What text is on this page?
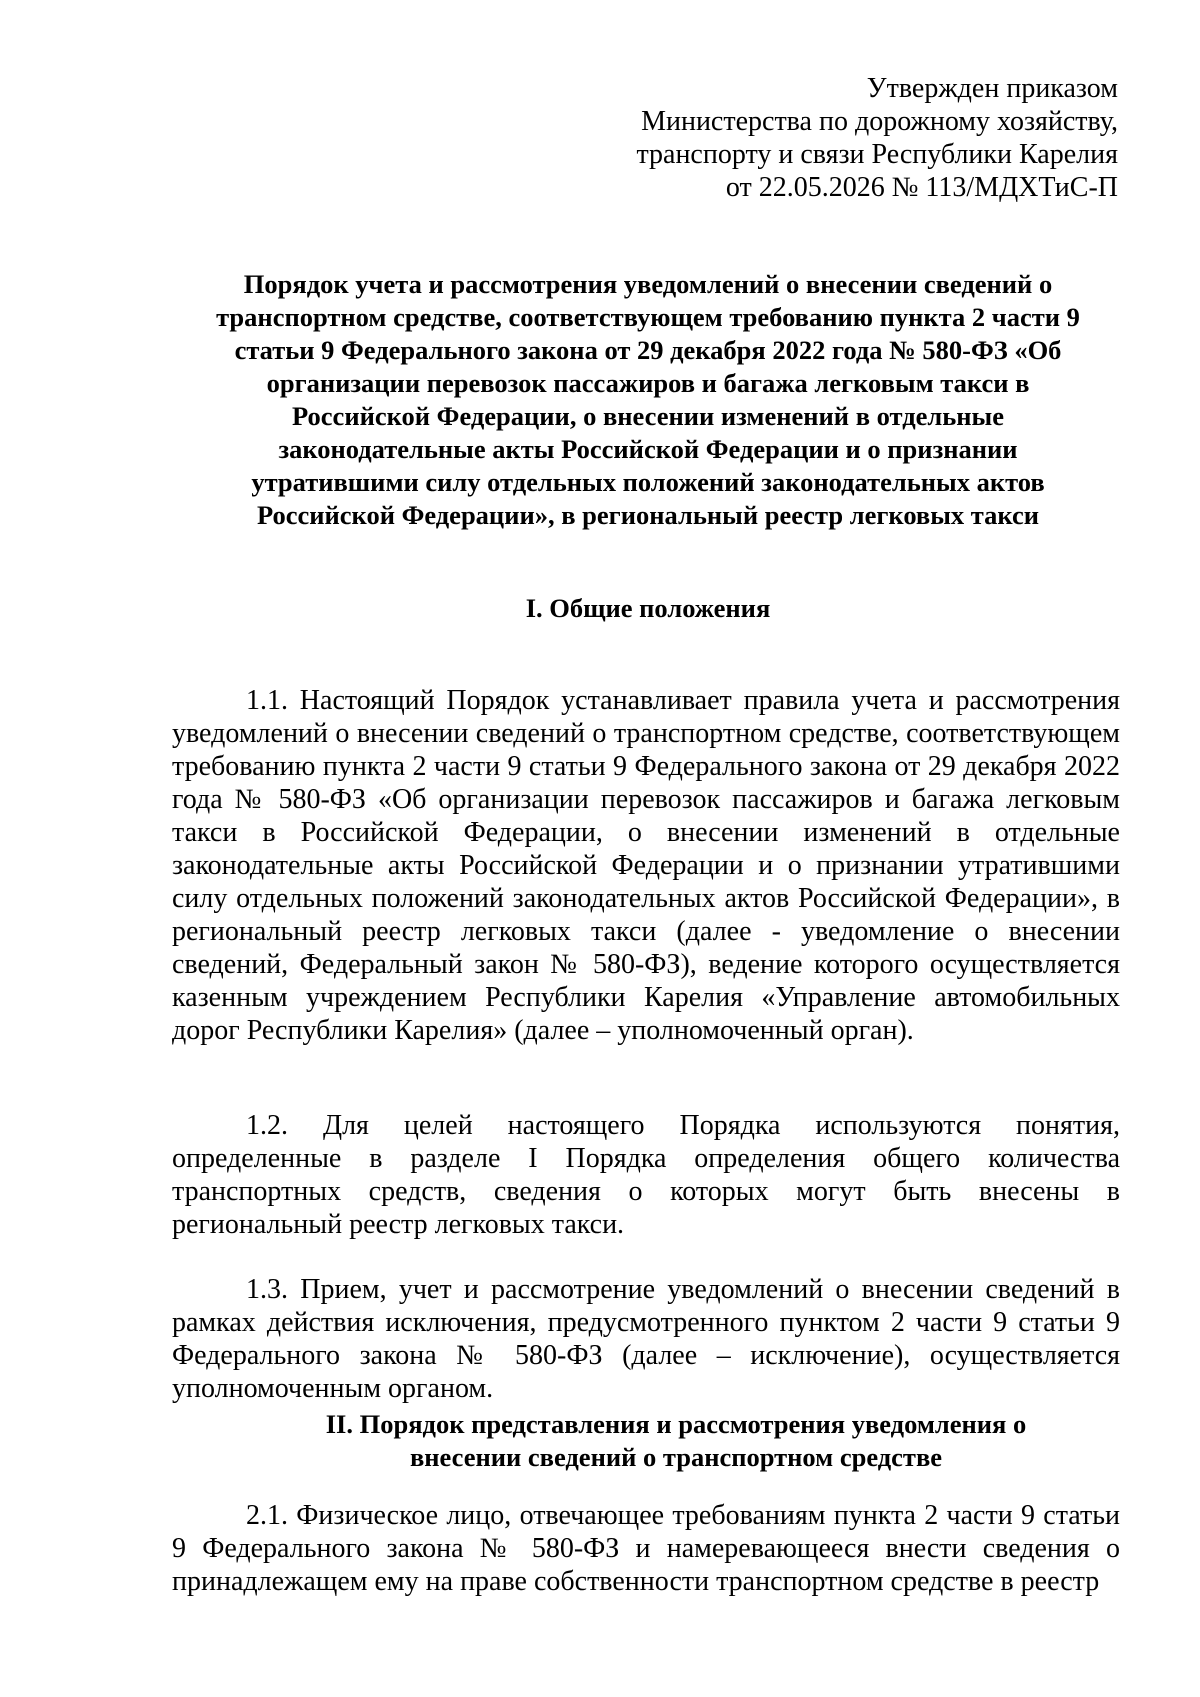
Утвержден приказом
Министерства по дорожному хозяйству,
транспорту и связи Республики Карелия
от 22.05.2026 № 113/МДХТиС-П
Порядок учета и рассмотрения уведомлений о внесении сведений о
транспортном средстве, соответствующем требованию пункта 2 части 9
статьи 9 Федерального закона от 29 декабря 2022 года № 580-ФЗ «Об
организации перевозок пассажиров и багажа легковым такси в
Российской Федерации, о внесении изменений в отдельные
законодательные акты Российской Федерации и о признании
утратившими силу отдельных положений законодательных актов
Российской Федерации», в региональный реестр легковых такси
I. Общие положения

1.1. Настоящий Порядок устанавливает правила учета и рассмотрения уведомлений о внесении сведений о транспортном средстве, соответствующем требованию пункта 2 части 9 статьи 9 Федерального закона от 29 декабря 2022 года № 580-ФЗ «Об организации перевозок пассажиров и багажа легковым такси в Российской Федерации, о внесении изменений в отдельные законодательные акты Российской Федерации и о признании утратившими силу отдельных положений законодательных актов Российской Федерации», в региональный реестр легковых такси (далее - уведомление о внесении сведений, Федеральный закон № 580-ФЗ), ведение которого осуществляется казенным учреждением Республики Карелия «Управление автомобильных дорог Республики Карелия» (далее – уполномоченный орган).

1.2. Для целей настоящего Порядка используются понятия, определенные в разделе I Порядка определения общего количества транспортных средств, сведения о которых могут быть внесены в региональный реестр легковых такси.

1.3. Прием, учет и рассмотрение уведомлений о внесении сведений в рамках действия исключения, предусмотренного пунктом 2 части 9 статьи 9 Федерального закона № 580-ФЗ (далее – исключение), осуществляется уполномоченным органом.

II. Порядок представления и рассмотрения уведомления о
внесении сведений о транспортном средстве

2.1. Физическое лицо, отвечающее требованиям пункта 2 части 9 статьи 9 Федерального закона № 580-ФЗ и намеревающееся внести сведения о принадлежащем ему на праве собственности транспортном средстве в реестр
